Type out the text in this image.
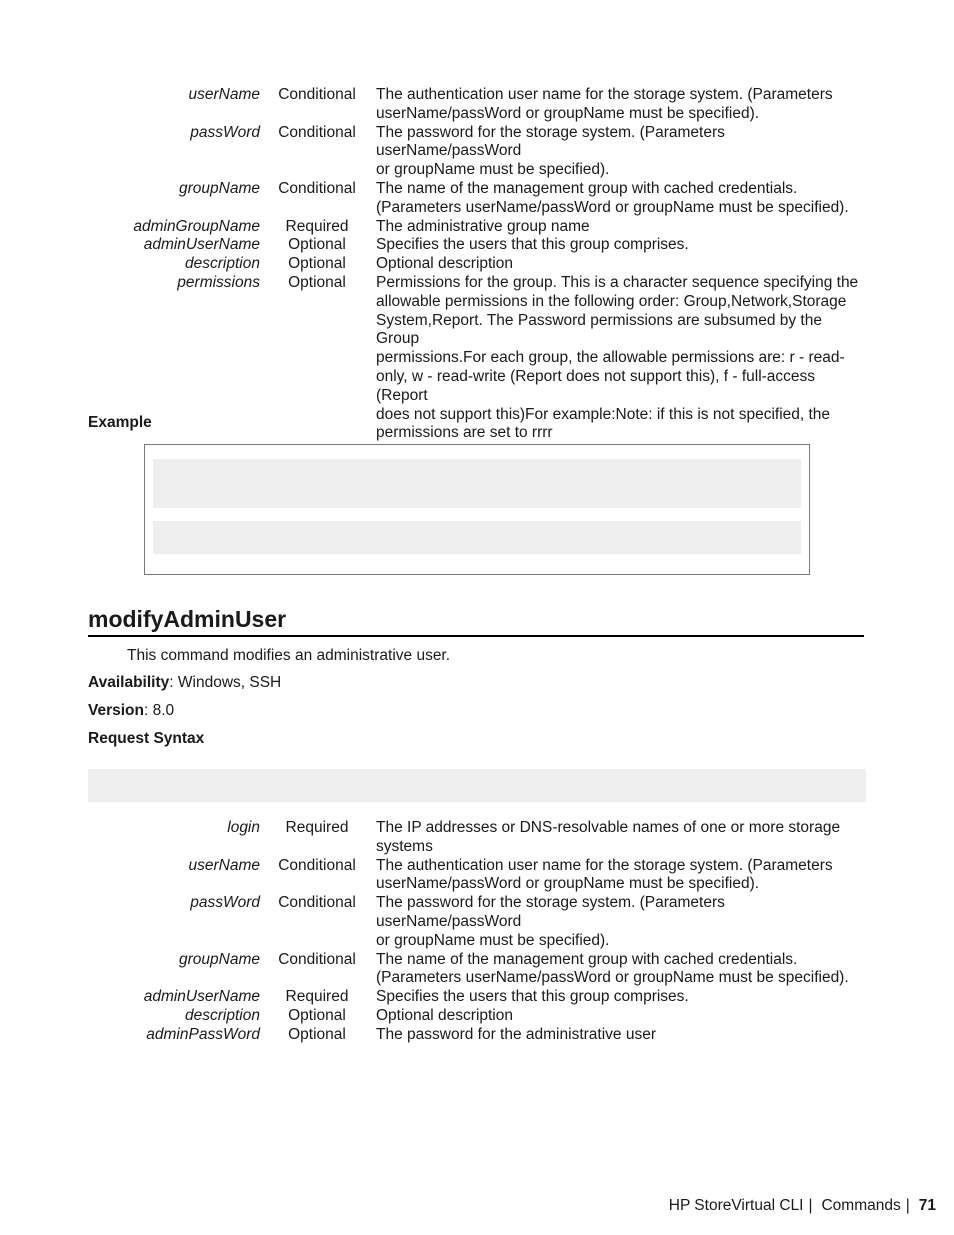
userName Conditional The authentication user name for the storage system. (Parameters
userName/passWord or groupName must be specified).
passWord Conditional The password for the storage system. (Parameters userName/passWord
or groupName must be specified).
groupName Conditional The name of the management group with cached credentials.
(Parameters userName/passWord or groupName must be specified).
adminGroupName	Required	The administrative group name
adminUserName	Optional	Specifies the users that this group comprises.
description	Optional	Optional description
permissions	Optional	Permissions for the group. This is a character sequence specifying the
allowable permissions in the following order: Group,Network,Storage
System,Report. The Password permissions are subsumed by the Group
permissions.For each group, the allowable permissions are: r - read-
only, w - read-write (Report does not support this), f - full-access (Report
does not support this)For example:Note: if this is not specified, the
permissions are set to rrrr
Example
modifyAdminUser
This command modifies an administrative user.
Availability: Windows, SSH
Version: 8.0
Request Syntax
login	Required	The IP addresses or DNS-resolvable names of one or more storage
systems
userName Conditional The authentication user name for the storage system. (Parameters
userName/passWord or groupName must be specified).
passWord Conditional The password for the storage system. (Parameters userName/passWord
or groupName must be specified).
groupName Conditional The name of the management group with cached credentials.
(Parameters userName/passWord or groupName must be specified).
adminUserName	Required	Specifies the users that this group comprises.
description	Optional	Optional description
adminPassWord	Optional	The password for the administrative user
HP StoreVirtual CLI | Commands | 71
